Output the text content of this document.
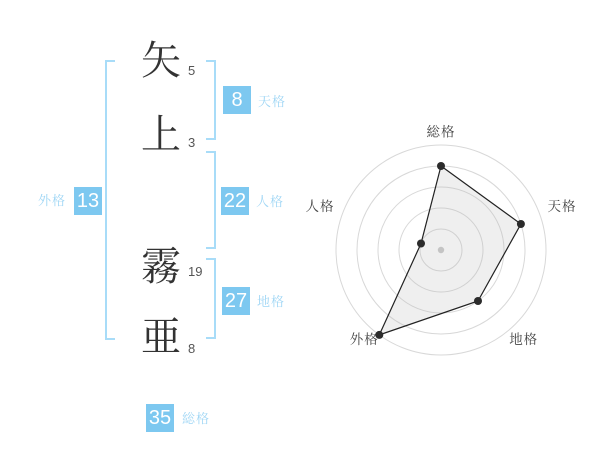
矢
上
霧
亜
5
3
19
8
8	天格
22 人格
27 地格
13
外格
35 総格
総格
天格
地格
外格
人格
